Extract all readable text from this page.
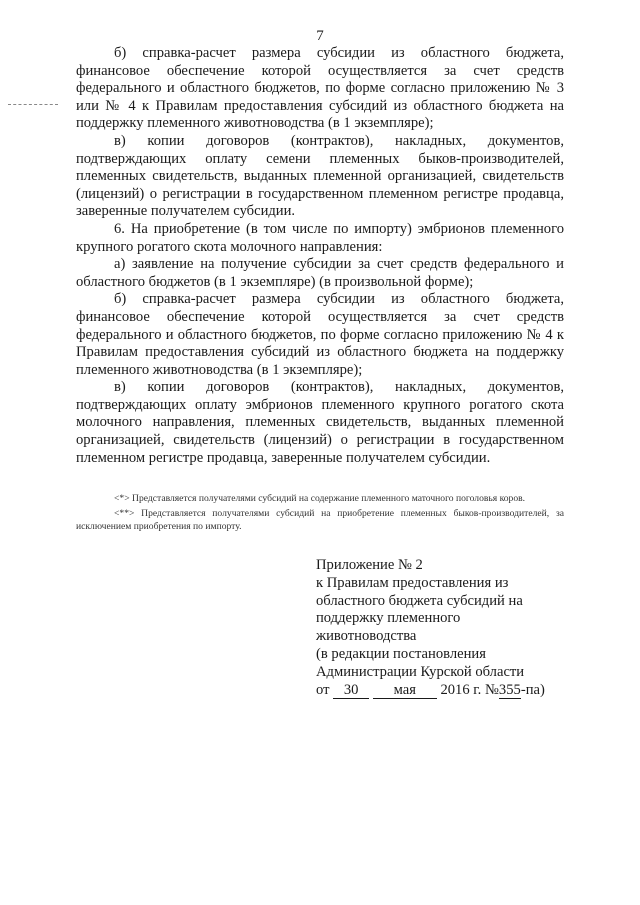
7

б) справка-расчет размера субсидии из областного бюджета, финансовое обеспечение которой осуществляется за счет средств федерального и областного бюджетов, по форме согласно приложению № 3 или № 4 к Правилам предоставления субсидий из областного бюджета на поддержку племенного животноводства (в 1 экземпляре);

в) копии договоров (контрактов), накладных, документов, подтверждающих оплату семени племенных быков-производителей, племенных свидетельств, выданных племенной организацией, свидетельств (лицензий) о регистрации в государственном племенном регистре продавца, заверенные получателем субсидии.

6. На приобретение (в том числе по импорту) эмбрионов племенного крупного рогатого скота молочного направления:

а) заявление на получение субсидии за счет средств федерального и областного бюджетов (в 1 экземпляре) (в произвольной форме);

б) справка-расчет размера субсидии из областного бюджета, финансовое обеспечение которой осуществляется за счет средств федерального и областного бюджетов, по форме согласно приложению № 4 к Правилам предоставления субсидий из областного бюджета на поддержку племенного животноводства (в 1 экземпляре);

в) копии договоров (контрактов), накладных, документов, подтверждающих оплату эмбрионов племенного крупного рогатого скота молочного направления, племенных свидетельств, выданных племенной организацией, свидетельств (лицензий) о регистрации в государственном племенном регистре продавца, заверенные получателем субсидии.

<*> Представляется получателями субсидий на содержание племенного маточного поголовья коров.

<**> Представляется получателями субсидий на приобретение племенных быков-производителей, за исключением приобретения по импорту.

Приложение № 2
к Правилам предоставления из
областного бюджета субсидий на
поддержку племенного
животноводства
(в редакции постановления
Администрации Курской области
от 30 мая 2016 г. №355-па)
